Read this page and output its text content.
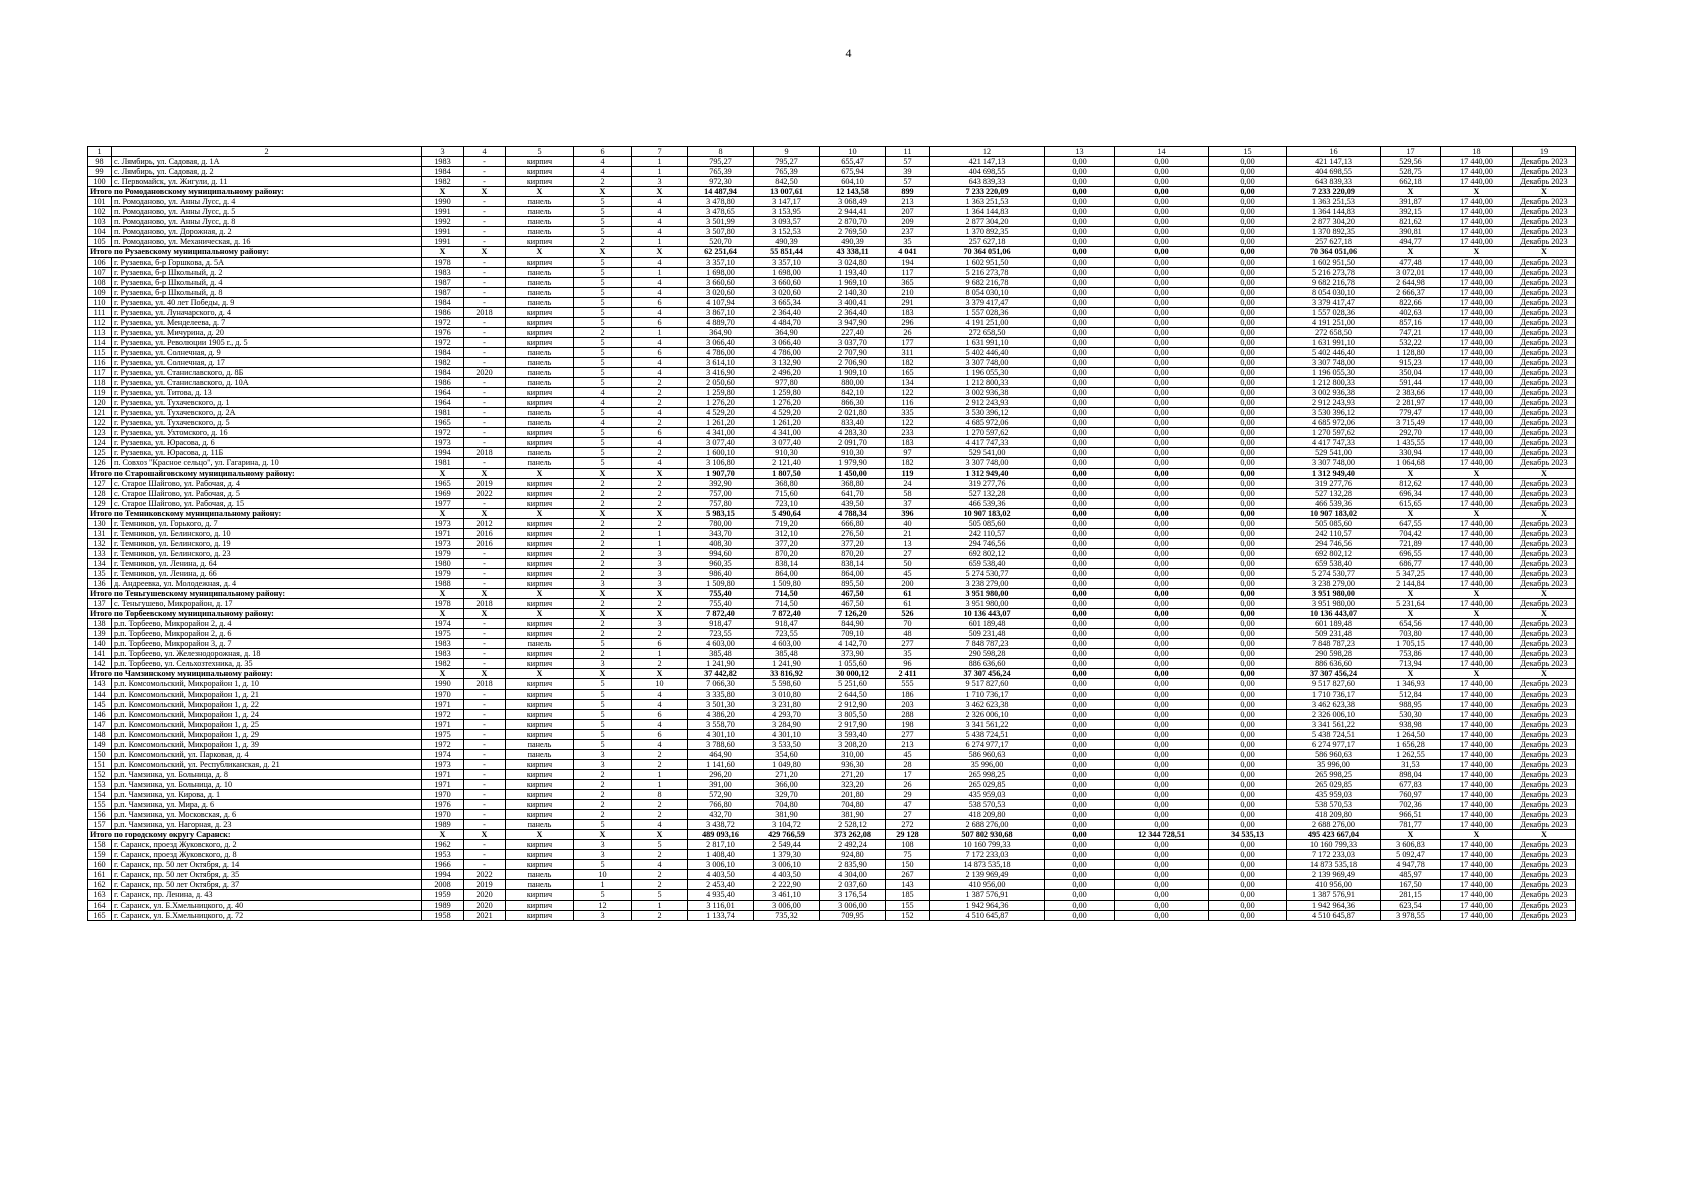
4
1	2	3	4	5	6	7	8	9	10	11	12	13	14	15	16	17	18	19
98	с. Лямбирь, ул. Садовая, д. 1А	1983	-	кирпич	4	1	795,27	795,27	655,47	57	421 147,13	0,00	0,00	0,00	421 147,13	529,56	17 440,00	Декабрь 2023
99	с. Лямбирь, ул. Садовая, д. 2	1984	-	кирпич	4	1	765,39	765,39	675,94	39	404 698,55	0,00	0,00	0,00	404 698,55	528,75	17 440,00	Декабрь 2023
100	с. Первомайск, ул. Жигули, д. 11	1982	-	кирпич	2	3	972,30	842,50	604,10	57	643 839,33	0,00	0,00	0,00	643 839,33	662,18	17 440,00	Декабрь 2023
Итого по Ромодановскому муниципальному району:		X	X	X	X	X	14 487,94	13 007,61	12 143,58	899	7 233 220,09	0,00	0,00	0,00	7 233 220,09	X	X	X
101	п. Ромоданово, ул. Анны Лусс, д. 4	1990	-	панель	5	4	3 478,80	3 147,17	3 068,49	213	1 363 251,53	0,00	0,00	0,00	1 363 251,53	391,87	17 440,00	Декабрь 2023
102	п. Ромоданово, ул. Анны Лусс, д. 5	1991	-	панель	5	4	3 478,65	3 153,95	2 944,41	207	1 364 144,83	0,00	0,00	0,00	1 364 144,83	392,15	17 440,00	Декабрь 2023
103	п. Ромоданово, ул. Анны Лусс, д. 8	1992	-	панель	5	4	3 501,99	3 093,57	2 870,70	209	2 877 304,20	0,00	0,00	0,00	2 877 304,20	821,62	17 440,00	Декабрь 2023
104	п. Ромоданово, ул. Дорожная, д. 2	1991	-	панель	5	4	3 507,80	3 152,53	2 769,50	237	1 370 892,35	0,00	0,00	0,00	1 370 892,35	390,81	17 440,00	Декабрь 2023
105	п. Ромоданово, ул. Механическая, д. 16	1991	-	кирпич	2	1	520,70	490,39	490,39	35	257 627,18	0,00	0,00	0,00	257 627,18	494,77	17 440,00	Декабрь 2023
Итого по Рузаевскому муниципальному району:		X	X	X	X	X	62 251,64	55 851,44	43 338,11	4 041	70 364 051,06	0,00	0,00	0,00	70 364 051,06	X	X	X
106	г. Рузаевка, б-р Горшкова, д. 5А	1978	-	кирпич	5	4	3 357,10	3 357,10	3 024,80	194	1 602 951,50	0,00	0,00	0,00	1 602 951,50	477,48	17 440,00	Декабрь 2023
107	г. Рузаевка, б-р Школьный, д. 2	1983	-	панель	5	1	1 698,00	1 698,00	1 193,40	117	5 216 273,78	0,00	0,00	0,00	5 216 273,78	3 072,01	17 440,00	Декабрь 2023
108	г. Рузаевка, б-р Школьный, д. 4	1987	-	панель	5	4	3 660,60	3 660,60	1 969,10	365	9 682 216,78	0,00	0,00	0,00	9 682 216,78	2 644,98	17 440,00	Декабрь 2023
109	г. Рузаевка, б-р Школьный, д. 8	1987	-	панель	5	4	3 020,60	3 020,60	2 140,30	210	8 054 030,10	0,00	0,00	0,00	8 054 030,10	2 666,37	17 440,00	Декабрь 2023
110	г. Рузаевка, ул. 40 лет Победы, д. 9	1984	-	панель	5	6	4 107,94	3 665,34	3 400,41	291	3 379 417,47	0,00	0,00	0,00	3 379 417,47	822,66	17 440,00	Декабрь 2023
111	г. Рузаевка, ул. Луначарского, д. 4	1986	2018	кирпич	5	4	3 867,10	2 364,40	2 364,40	183	1 557 028,36	0,00	0,00	0,00	1 557 028,36	402,63	17 440,00	Декабрь 2023
112	г. Рузаевка, ул. Менделеева, д. 7	1972	-	кирпич	5	6	4 889,70	4 484,70	3 947,90	296	4 191 251,00	0,00	0,00	0,00	4 191 251,00	857,16	17 440,00	Декабрь 2023
113	г. Рузаевка, ул. Мичурина, д. 20	1976	-	кирпич	2	1	364,90	364,90	227,40	26	272 658,50	0,00	0,00	0,00	272 658,50	747,21	17 440,00	Декабрь 2023
114	г. Рузаевка, ул. Революции 1905 г., д. 5	1972	-	кирпич	5	4	3 066,40	3 066,40	3 037,70	177	1 631 991,10	0,00	0,00	0,00	1 631 991,10	532,22	17 440,00	Декабрь 2023
115	г. Рузаевка, ул. Солнечная, д. 9	1984	-	панель	5	6	4 786,00	4 786,00	2 707,90	311	5 402 446,40	0,00	0,00	0,00	5 402 446,40	1 128,80	17 440,00	Декабрь 2023
116	г. Рузаевка, ул. Солнечная, д. 17	1982	-	панель	5	4	3 614,10	3 132,90	2 706,90	182	3 307 748,00	0,00	0,00	0,00	3 307 748,00	915,23	17 440,00	Декабрь 2023
117	г. Рузаевка, ул. Станиславского, д. 8Б	1984	2020	панель	5	4	3 416,90	2 496,20	1 909,10	165	1 196 055,30	0,00	0,00	0,00	1 196 055,30	350,04	17 440,00	Декабрь 2023
118	г. Рузаевка, ул. Станиславского, д. 10А	1986	-	панель	5	2	2 050,60	977,80	880,00	134	1 212 800,33	0,00	0,00	0,00	1 212 800,33	591,44	17 440,00	Декабрь 2023
119	г. Рузаевка, ул. Титова, д. 13	1964	-	кирпич	4	2	1 259,80	1 259,80	842,10	122	3 002 936,38	0,00	0,00	0,00	3 002 936,38	2 383,66	17 440,00	Декабрь 2023
120	г. Рузаевка, ул. Тухачевского, д. 1	1964	-	кирпич	4	2	1 276,20	1 276,20	866,30	116	2 912 243,93	0,00	0,00	0,00	2 912 243,93	2 281,97	17 440,00	Декабрь 2023
121	г. Рузаевка, ул. Тухачевского, д. 2А	1981	-	панель	5	4	4 529,20	4 529,20	2 021,80	335	3 530 396,12	0,00	0,00	0,00	3 530 396,12	779,47	17 440,00	Декабрь 2023
122	г. Рузаевка, ул. Тухачевского, д. 5	1965	-	панель	4	2	1 261,20	1 261,20	833,40	122	4 685 972,06	0,00	0,00	0,00	4 685 972,06	3 715,49	17 440,00	Декабрь 2023
123	г. Рузаевка, ул. Ухтомского, д. 16	1972	-	кирпич	5	6	4 341,00	4 341,00	4 283,30	233	1 270 597,62	0,00	0,00	0,00	1 270 597,62	292,70	17 440,00	Декабрь 2023
124	г. Рузаевка, ул. Юрасова, д. 6	1973	-	кирпич	5	4	3 077,40	3 077,40	2 091,70	183	4 417 747,33	0,00	0,00	0,00	4 417 747,33	1 435,55	17 440,00	Декабрь 2023
125	г. Рузаевка, ул. Юрасова, д. 11Б	1994	2018	панель	5	2	1 600,10	910,30	910,30	97	529 541,00	0,00	0,00	0,00	529 541,00	330,94	17 440,00	Декабрь 2023
126	п. Совхоз "Красное сельцо", ул. Гагарина, д. 10	1981	-	панель	5	4	3 106,80	2 121,40	1 979,90	182	3 307 748,00	0,00	0,00	0,00	3 307 748,00	1 064,68	17 440,00	Декабрь 2023
Итого по Старошайговскому муниципальному району:		X	X	X	X	X	1 907,70	1 807,50	1 450,00	119	1 312 949,40	0,00	0,00	0,00	1 312 949,40	X	X	X
127	с. Старое Шайгово, ул. Рабочая, д. 4	1965	2019	кирпич	2	2	392,90	368,80	368,80	24	319 277,76	0,00	0,00	0,00	319 277,76	812,62	17 440,00	Декабрь 2023
128	с. Старое Шайгово, ул. Рабочая, д. 5	1969	2022	кирпич	2	2	757,00	715,60	641,70	58	527 132,28	0,00	0,00	0,00	527 132,28	696,34	17 440,00	Декабрь 2023
129	с. Старое Шайгово, ул. Рабочая, д. 15	1977	-	кирпич	2	2	757,80	723,10	439,50	37	466 539,36	0,00	0,00	0,00	466 539,36	615,65	17 440,00	Декабрь 2023
Итого по Темниковскому муниципальному району:		X	X	X	X	X	5 983,15	5 490,64	4 788,34	396	10 907 183,02	0,00	0,00	0,00	10 907 183,02	X	X	X
130	г. Темников, ул. Горького, д. 7	1973	2012	кирпич	2	2	780,00	719,20	666,80	40	505 085,60	0,00	0,00	0,00	505 085,60	647,55	17 440,00	Декабрь 2023
131	г. Темников, ул. Белинского, д. 10	1971	2016	кирпич	2	1	343,70	312,10	276,50	21	242 110,57	0,00	0,00	0,00	242 110,57	704,42	17 440,00	Декабрь 2023
132	г. Темников, ул. Белинского, д. 19	1973	2016	кирпич	2	1	408,30	377,20	377,20	13	294 746,56	0,00	0,00	0,00	294 746,56	721,89	17 440,00	Декабрь 2023
133	г. Темников, ул. Белинского, д. 23	1979	-	кирпич	2	3	994,60	870,20	870,20	27	692 802,12	0,00	0,00	0,00	692 802,12	696,55	17 440,00	Декабрь 2023
134	г. Темников, ул. Ленина, д. 64	1980	-	кирпич	2	3	960,35	838,14	838,14	50	659 538,40	0,00	0,00	0,00	659 538,40	686,77	17 440,00	Декабрь 2023
135	г. Темников, ул. Ленина, д. 66	1979	-	кирпич	2	3	986,40	864,00	864,00	45	5 274 530,77	0,00	0,00	0,00	5 274 530,77	5 347,25	17 440,00	Декабрь 2023
136	д. Андреевка, ул. Молодежная, д. 4	1988	-	кирпич	3	3	1 509,80	1 509,80	895,50	200	3 238 279,00	0,00	0,00	0,00	3 238 279,00	2 144,84	17 440,00	Декабрь 2023
Итого по Теньгушевскому муниципальному району:		X	X	X	X	X	755,40	714,50	467,50	61	3 951 980,00	0,00	0,00	0,00	3 951 980,00	X	X	X
137	с. Теньгушево, Микрорайон, д. 17	1978	2018	кирпич	2	2	755,40	714,50	467,50	61	3 951 980,00	0,00	0,00	0,00	3 951 980,00	5 231,64	17 440,00	Декабрь 2023
Итого по Торбеевскому муниципальному району:		X	X	X	X	X	7 872,40	7 872,40	7 126,20	526	10 136 443,07	0,00	0,00	0,00	10 136 443,07	X	X	X
138	р.п. Торбеево, Микрорайон 2, д. 4	1974	-	кирпич	2	3	918,47	918,47	844,90	70	601 189,48	0,00	0,00	0,00	601 189,48	654,56	17 440,00	Декабрь 2023
139	р.п. Торбеево, Микрорайон 2, д. 6	1975	-	кирпич	2	2	723,55	723,55	709,10	48	509 231,48	0,00	0,00	0,00	509 231,48	703,80	17 440,00	Декабрь 2023
140	р.п. Торбеево, Микрорайон 3, д. 7	1983	-	панель	5	6	4 603,00	4 603,00	4 142,70	277	7 848 787,23	0,00	0,00	0,00	7 848 787,23	1 705,15	17 440,00	Декабрь 2023
141	р.п. Торбеево, ул. Железнодорожная, д. 18	1983	-	кирпич	2	1	385,48	385,48	373,90	35	290 598,28	0,00	0,00	0,00	290 598,28	753,86	17 440,00	Декабрь 2023
142	р.п. Торбеево, ул. Сельхозтехника, д. 35	1982	-	кирпич	3	2	1 241,90	1 241,90	1 055,60	96	886 636,60	0,00	0,00	0,00	886 636,60	713,94	17 440,00	Декабрь 2023
Итого по Чамзинскому муниципальному району:		X	X	X	X	X	37 442,82	33 816,92	30 000,12	2 411	37 307 456,24	0,00	0,00	0,00	37 307 456,24	X	X	X
143	р.п. Комсомольский, Микрорайон 1, д. 10	1990	2018	кирпич	5	10	7 066,30	5 598,60	5 251,60	555	9 517 827,60	0,00	0,00	0,00	9 517 827,60	1 346,93	17 440,00	Декабрь 2023
144	р.п. Комсомольский, Микрорайон 1, д. 21	1970	-	кирпич	5	4	3 335,80	3 010,80	2 644,50	186	1 710 736,17	0,00	0,00	0,00	1 710 736,17	512,84	17 440,00	Декабрь 2023
145	р.п. Комсомольский, Микрорайон 1, д. 22	1971	-	кирпич	5	4	3 501,30	3 231,80	2 912,90	203	3 462 623,38	0,00	0,00	0,00	3 462 623,38	988,95	17 440,00	Декабрь 2023
146	р.п. Комсомольский, Микрорайон 1, д. 24	1972	-	кирпич	5	6	4 386,20	4 293,70	3 805,50	288	2 326 006,10	0,00	0,00	0,00	2 326 006,10	530,30	17 440,00	Декабрь 2023
147	р.п. Комсомольский, Микрорайон 1, д. 25	1971	-	кирпич	5	4	3 558,70	3 284,90	2 917,90	198	3 341 561,22	0,00	0,00	0,00	3 341 561,22	938,98	17 440,00	Декабрь 2023
148	р.п. Комсомольский, Микрорайон 1, д. 29	1975	-	кирпич	5	6	4 301,10	4 301,10	3 593,40	277	5 438 724,51	0,00	0,00	0,00	5 438 724,51	1 264,50	17 440,00	Декабрь 2023
149	р.п. Комсомольский, Микрорайон 1, д. 39	1972	-	панель	5	4	3 788,60	3 533,50	3 208,20	213	6 274 977,17	0,00	0,00	0,00	6 274 977,17	1 656,28	17 440,00	Декабрь 2023
150	р.п. Комсомольский, ул. Парковая, д. 4	1974	-	панель	3	2	464,90	354,60	310,00	45	586 960,63	0,00	0,00	0,00	586 960,63	1 262,55	17 440,00	Декабрь 2023
151	р.п. Комсомольский, ул. Республиканская, д. 21	1973	-	кирпич	3	2	1 141,60	1 049,80	936,30	28	35 996,00	0,00	0,00	0,00	35 996,00	31,53	17 440,00	Декабрь 2023
152	р.п. Чамзинка, ул. Больница, д. 8	1971	-	кирпич	2	1	296,20	271,20	271,20	17	265 998,25	0,00	0,00	0,00	265 998,25	898,04	17 440,00	Декабрь 2023
153	р.п. Чамзинка, ул. Больница, д. 10	1971	-	кирпич	2	1	391,00	366,00	323,20	26	265 029,85	0,00	0,00	0,00	265 029,85	677,83	17 440,00	Декабрь 2023
154	р.п. Чамзинка, ул. Кирова, д. 1	1970	-	кирпич	2	8	572,90	329,70	201,80	29	435 959,03	0,00	0,00	0,00	435 959,03	760,97	17 440,00	Декабрь 2023
155	р.п. Чамзинка, ул. Мира, д. 6	1976	-	кирпич	2	2	766,80	704,80	704,80	47	538 570,53	0,00	0,00	0,00	538 570,53	702,36	17 440,00	Декабрь 2023
156	р.п. Чамзинка, ул. Московская, д. 6	1970	-	кирпич	2	2	432,70	381,90	381,90	27	418 209,80	0,00	0,00	0,00	418 209,80	966,51	17 440,00	Декабрь 2023
157	р.п. Чамзинка, ул. Нагорная, д. 23	1989	-	панель	5	4	3 438,72	3 104,72	2 528,12	272	2 688 276,00	0,00	0,00	0,00	2 688 276,00	781,77	17 440,00	Декабрь 2023
Итого по городскому округу Саранск:		X	X	X	X	X	489 093,16	429 766,59	373 262,08	29 128	507 802 930,68	0,00	12 344 728,51	34 535,13	495 423 667,04	X	X	X
158	г. Саранск, проезд Жуковского, д. 2	1962	-	кирпич	3	5	2 817,10	2 549,44	2 492,24	108	10 160 799,33	0,00	0,00	0,00	10 160 799,33	3 606,83	17 440,00	Декабрь 2023
159	г. Саранск, проезд Жуковского, д. 8	1953	-	кирпич	3	2	1 408,40	1 379,30	924,80	75	7 172 233,03	0,00	0,00	0,00	7 172 233,03	5 092,47	17 440,00	Декабрь 2023
160	г. Саранск, пр. 50 лет Октября, д. 14	1966	-	кирпич	5	4	3 006,10	3 006,10	2 835,90	150	14 873 535,18	0,00	0,00	0,00	14 873 535,18	4 947,78	17 440,00	Декабрь 2023
161	г. Саранск, пр. 50 лет Октября, д. 35	1994	2022	панель	10	2	4 403,50	4 403,50	4 304,00	267	2 139 969,49	0,00	0,00	0,00	2 139 969,49	485,97	17 440,00	Декабрь 2023
162	г. Саранск, пр. 50 лет Октября, д. 37	2008	2019	панель	1	2	2 453,40	2 222,90	2 037,60	143	410 956,00	0,00	0,00	0,00	410 956,00	167,50	17 440,00	Декабрь 2023
163	г. Саранск, пр. Ленина, д. 43	1959	2020	кирпич	5	5	4 935,40	3 461,10	3 176,54	185	1 387 576,91	0,00	0,00	0,00	1 387 576,91	281,15	17 440,00	Декабрь 2023
164	г. Саранск, ул. Б.Хмельницкого, д. 40	1989	2020	кирпич	12	1	3 116,01	3 006,00	3 006,00	155	1 942 964,36	0,00	0,00	0,00	1 942 964,36	623,54	17 440,00	Декабрь 2023
165	г. Саранск, ул. Б.Хмельницкого, д. 72	1958	2021	кирпич	3	2	1 133,74	735,32	709,95	152	4 510 645,87	0,00	0,00	0,00	4 510 645,87	3 978,55	17 440,00	Декабрь 2023
